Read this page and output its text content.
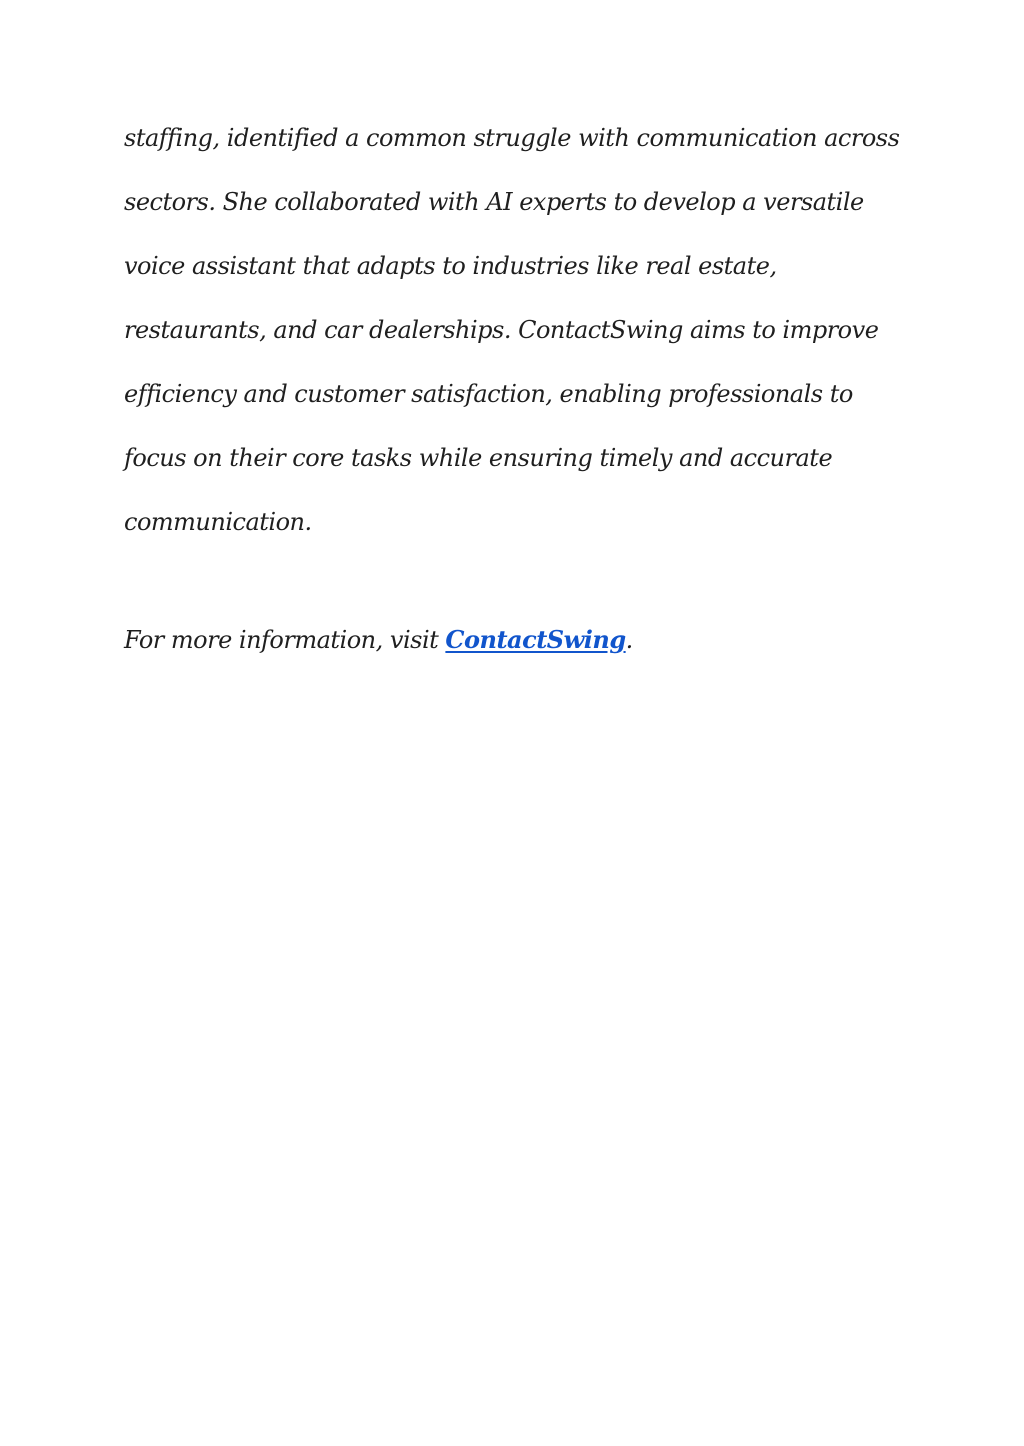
staffing, identified a common struggle with communication across
sectors. She collaborated with AI experts to develop a versatile
voice assistant that adapts to industries like real estate,
restaurants, and car dealerships. ContactSwing aims to improve
efficiency and customer satisfaction, enabling professionals to
focus on their core tasks while ensuring timely and accurate
communication.
For more information, visit ContactSwing.
